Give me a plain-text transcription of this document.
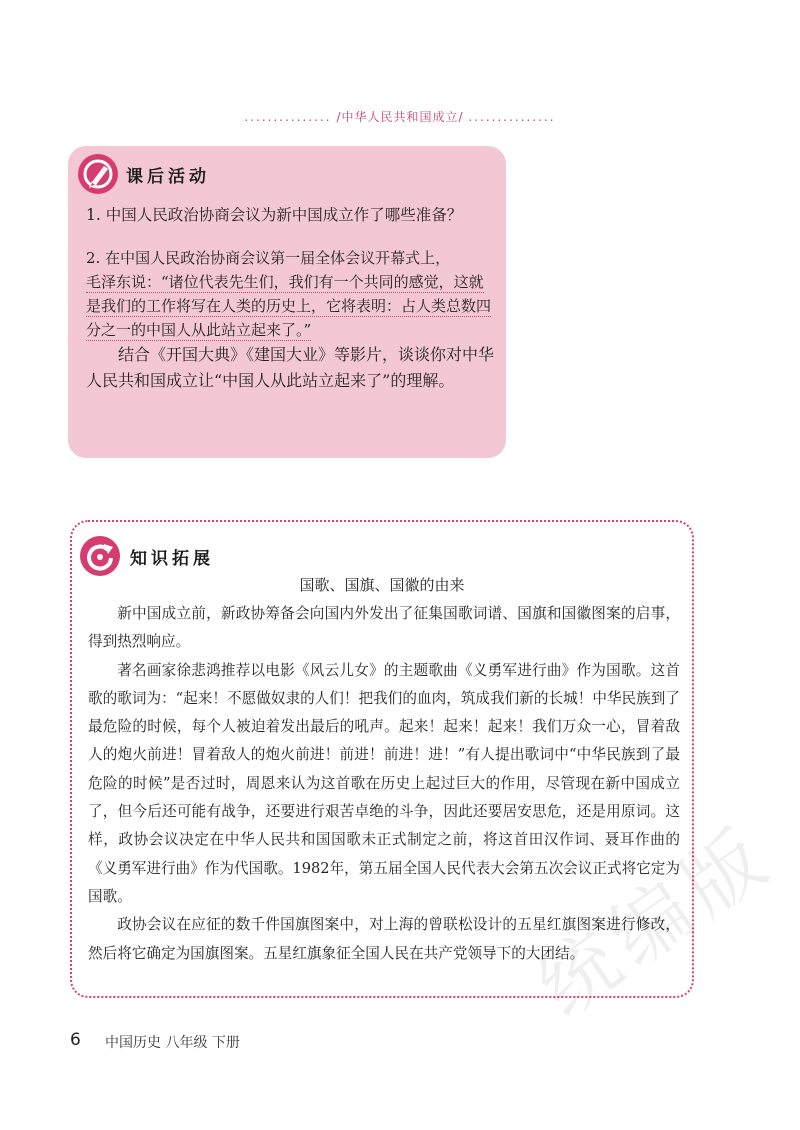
............... /中华人民共和国成立/ ...............
课后活动
1. 中国人民政治协商会议为新中国成立作了哪些准备？
2. 在中国人民政治协商会议第一届全体会议开幕式上，
毛泽东说：“诸位代表先生们，我们有一个共同的感觉，这就是我们的工作将写在人类的历史上，它将表明：占人类总数四分之一的中国人从此站立起来了。”
结合《开国大典》《建国大业》等影片，谈谈你对中华人民共和国成立让“中国人从此站立起来了”的理解。
知识拓展
国歌、国旗、国徽的由来

新中国成立前，新政协筹备会向国内外发出了征集国歌词谱、国旗和国徽图案的启事，得到热烈响应。

著名画家徐悲鸿推荐以电影《风云儿女》的主题歌曲《义勇军进行曲》作为国歌。这首歌的歌词为：“起来！不愿做奴隶的人们！把我们的血肉，筑成我们新的长城！中华民族到了最危险的时候，每个人被迫着发出最后的吼声。起来！起来！起来！我们万众一心，冒着敌人的炮火前进！冒着敌人的炮火前进！前进！前进！进！”有人提出歌词中“中华民族到了最危险的时候”是否过时，周恩来认为这首歌在历史上起过巨大的作用，尽管现在新中国成立了，但今后还可能有战争，还要进行艰苦卓绝的斗争，因此还要居安思危，还是用原词。这样，政协会议决定在中华人民共和国国歌未正式制定之前，将这首田汉作词、聂耳作曲的《义勇军进行曲》作为代国歌。1982年，第五届全国人民代表大会第五次会议正式将它定为国歌。

政协会议在应征的数千件国旗图案中，对上海的曾联松设计的五星红旗图案进行修改，然后将它确定为国旗图案。五星红旗象征全国人民在共产党领导下的大团结。

统编版
6 中国历史 八年级 下册
